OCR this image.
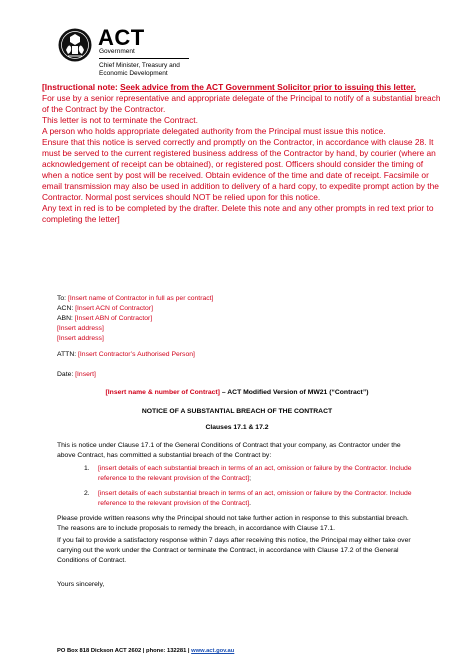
ACT
Government
Chief Minister, Treasury and
Economic Development

[Instructional note: Seek advice from the ACT Government Solicitor prior to issuing this letter.

For use by a senior representative and appropriate delegate of the Principal to notify of a substantial breach of the Contract by the Contractor.

This letter is not to terminate the Contract.

A person who holds appropriate delegated authority from the Principal must issue this notice.

Ensure that this notice is served correctly and promptly on the Contractor, in accordance with clause 28. It must be served to the current registered business address of the Contractor by hand, by courier (where an acknowledgement of receipt can be obtained), or registered post. Officers should consider the timing of when a notice sent by post will be received. Obtain evidence of the time and date of receipt. Facsimile or email transmission may also be used in addition to delivery of a hard copy, to expedite prompt action by the Contractor. Normal post services should NOT be relied upon for this notice.

Any text in red is to be completed by the drafter. Delete this note and any other prompts in red text prior to completing the letter]

To: [Insert name of Contractor in full as per contract]
ACN: [Insert ACN of Contractor]
ABN: [Insert ABN of Contractor]
[Insert address]
[Insert address]
ATTN: [Insert Contractor’s Authorised Person]
Date: [Insert]
[Insert name & number of Contract] – ACT Modified Version of MW21 (“Contract”)
NOTICE OF A SUBSTANTIAL BREACH OF THE CONTRACT
Clauses 17.1 & 17.2
This is notice under Clause 17.1 of the General Conditions of Contract that your company, as Contractor under the above Contract, has committed a substantial breach of the Contract by:
1. [insert details of each substantial breach in terms of an act, omission or failure by the Contractor. Include reference to the relevant provision of the Contract];
2. [insert details of each substantial breach in terms of an act, omission or failure by the Contractor. Include reference to the relevant provision of the Contract].
Please provide written reasons why the Principal should not take further action in response to this substantial breach. The reasons are to include proposals to remedy the breach, in accordance with Clause 17.1.
If you fail to provide a satisfactory response within 7 days after receiving this notice, the Principal may either take over carrying out the work under the Contract or terminate the Contract, in accordance with Clause 17.2 of the General Conditions of Contract.
Yours sincerely,
PO Box 818 Dickson ACT 2602 | phone: 132281 | www.act.gov.au
